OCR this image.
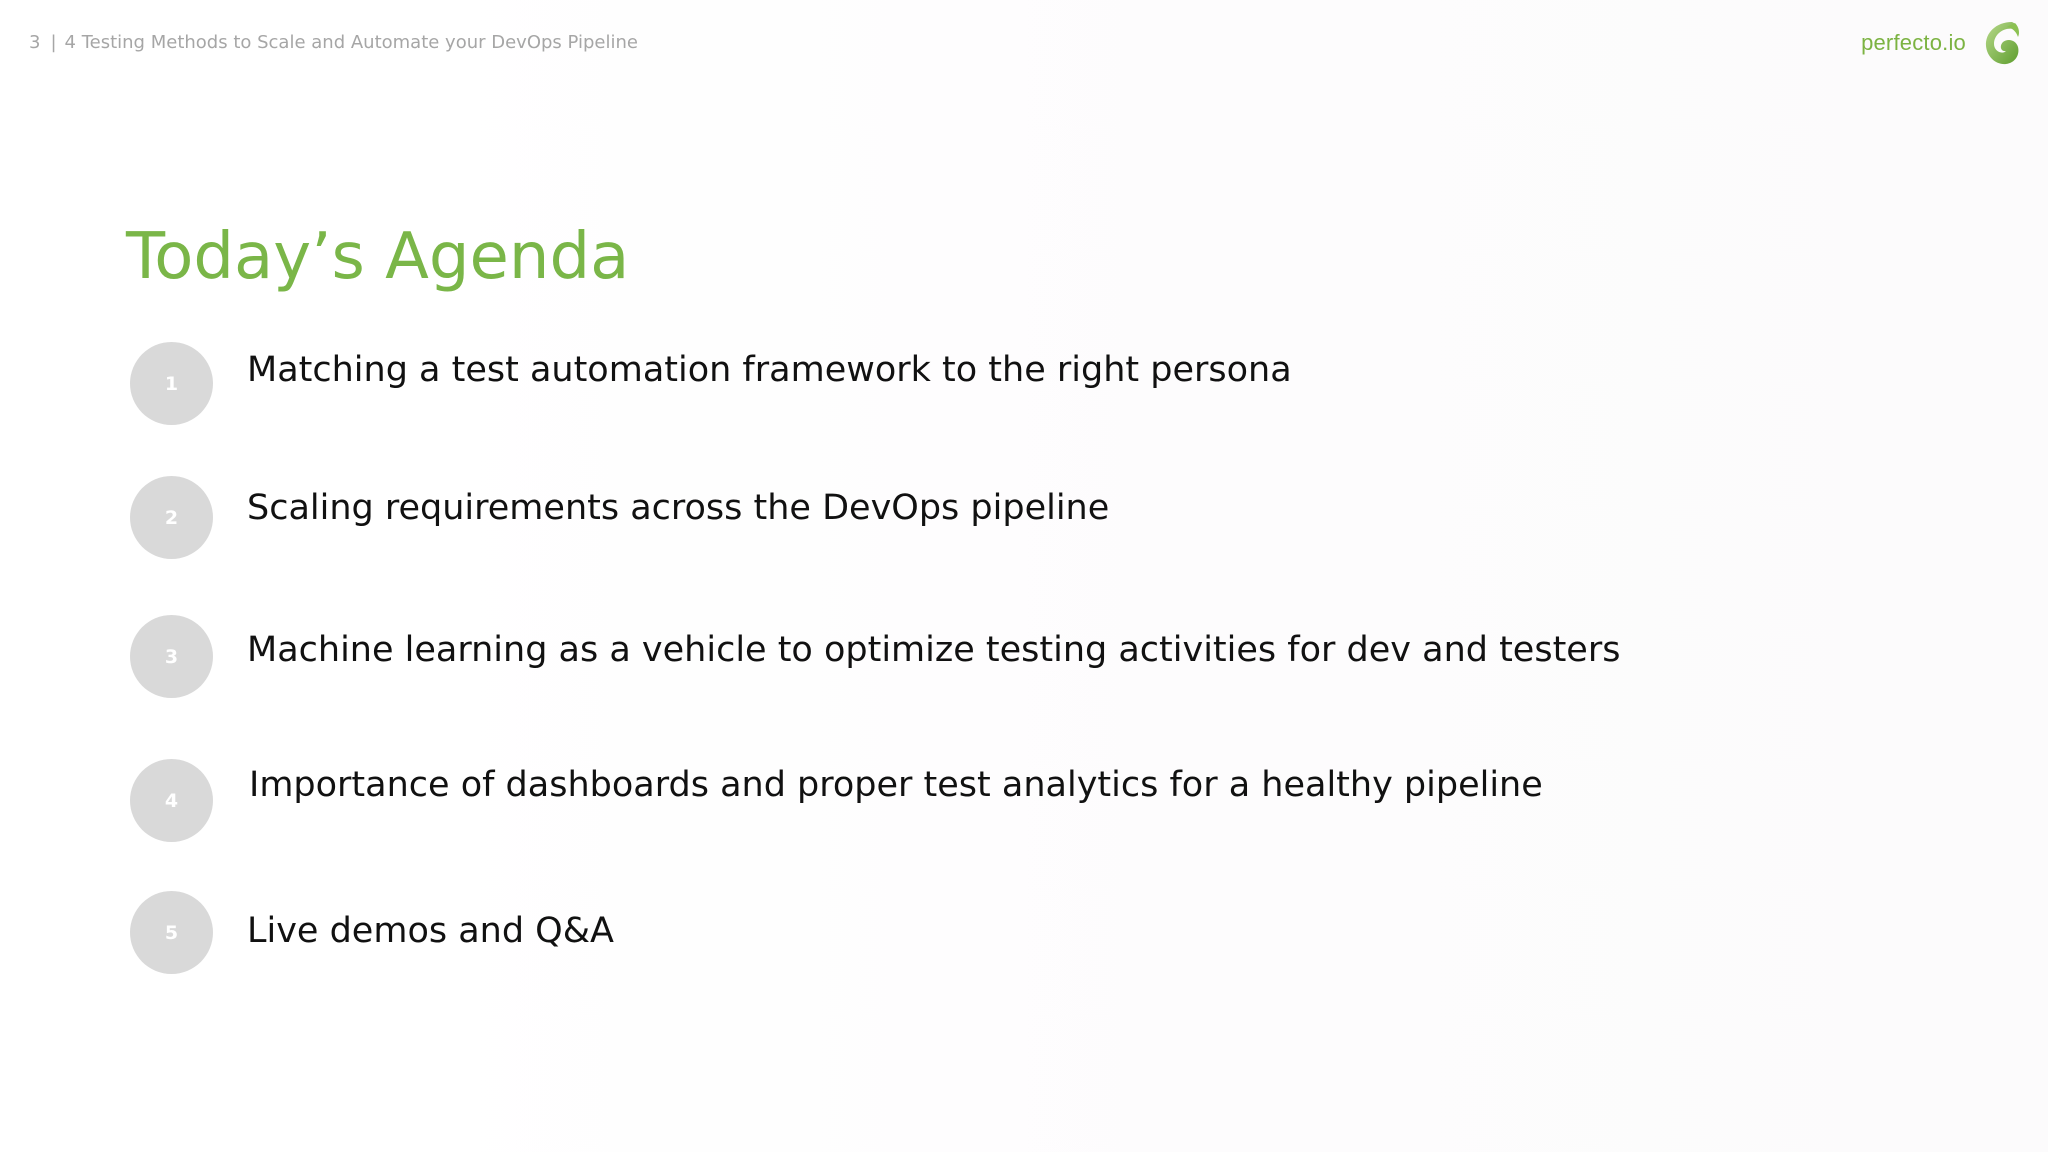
3 | 4 Testing Methods to Scale and Automate your DevOps Pipeline	perfecto.io
Today’s Agenda
1	Matching a test automation framework to the right persona
2	Scaling requirements across the DevOps pipeline
3	Machine learning as a vehicle to optimize testing activities for dev and testers
4	Importance of dashboards and proper test analytics for a healthy pipeline
5	Live demos and Q&A
